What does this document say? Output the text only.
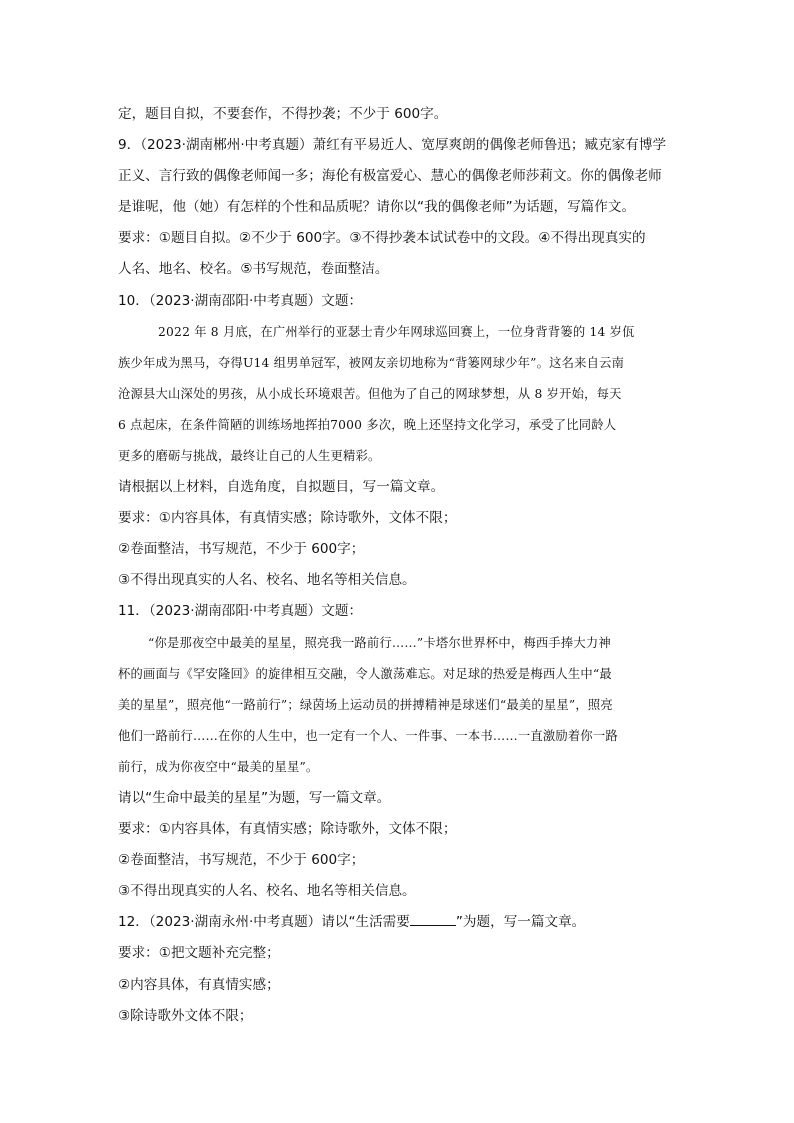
定，题目自拟，不要套作，不得抄袭；不少于 600字。
9．（2023·湖南郴州·中考真题）萧红有平易近人、宽厚爽朗的偶像老师鲁迅；臧克家有博学
正义、言行致的偶像老师闻一多；海伦有极富爱心、慧心的偶像老师莎莉文。你的偶像老师
是谁呢，他（她）有怎样的个性和品质呢？请你以“我的偶像老师”为话题，写篇作文。
要求：①题目自拟。②不少于 600字。③不得抄袭本试试卷中的文段。④不得出现真实的
人名、地名、校名。⑤书写规范，卷面整洁。
10．（2023·湖南邵阳·中考真题）文题：
2022 年 8 月底，在广州举行的亚瑟士青少年网球巡回赛上，一位身背背篓的 14 岁佤
族少年成为黑马，夺得U14 组男单冠军，被网友亲切地称为“背篓网球少年”。这名来自云南
沧源县大山深处的男孩，从小成长环境艰苦。但他为了自己的网球梦想，从 8 岁开始，每天
6 点起床，在条件简陋的训练场地挥拍7000 多次，晚上还坚持文化学习，承受了比同龄人
更多的磨砺与挑战，最终让自己的人生更精彩。
请根据以上材料，自选角度，自拟题目，写一篇文章。
要求：①内容具体，有真情实感；除诗歌外，文体不限；
②卷面整洁，书写规范，不少于 600字；
③不得出现真实的人名、校名、地名等相关信息。
11．（2023·湖南邵阳·中考真题）文题：
“你是那夜空中最美的星星，照亮我一路前行……”卡塔尔世界杯中，梅西手捧大力神
杯的画面与《罕安隆回》的旋律相互交融，令人激荡难忘。对足球的热爱是梅西人生中“最
美的星星”，照亮他“一路前行”；绿茵场上运动员的拼搏精神是球迷们“最美的星星”，照亮
他们一路前行……在你的人生中，也一定有一个人、一件事、一本书……一直激励着你一路
前行，成为你夜空中“最美的星星”。
请以“生命中最美的星星”为题，写一篇文章。
要求：①内容具体，有真情实感；除诗歌外，文体不限；
②卷面整洁，书写规范，不少于 600字；
③不得出现真实的人名、校名、地名等相关信息。
12．（2023·湖南永州·中考真题）请以“生活需要	”为题，写一篇文章。
要求：①把文题补充完整；
②内容具体，有真情实感；
③除诗歌外文体不限；
